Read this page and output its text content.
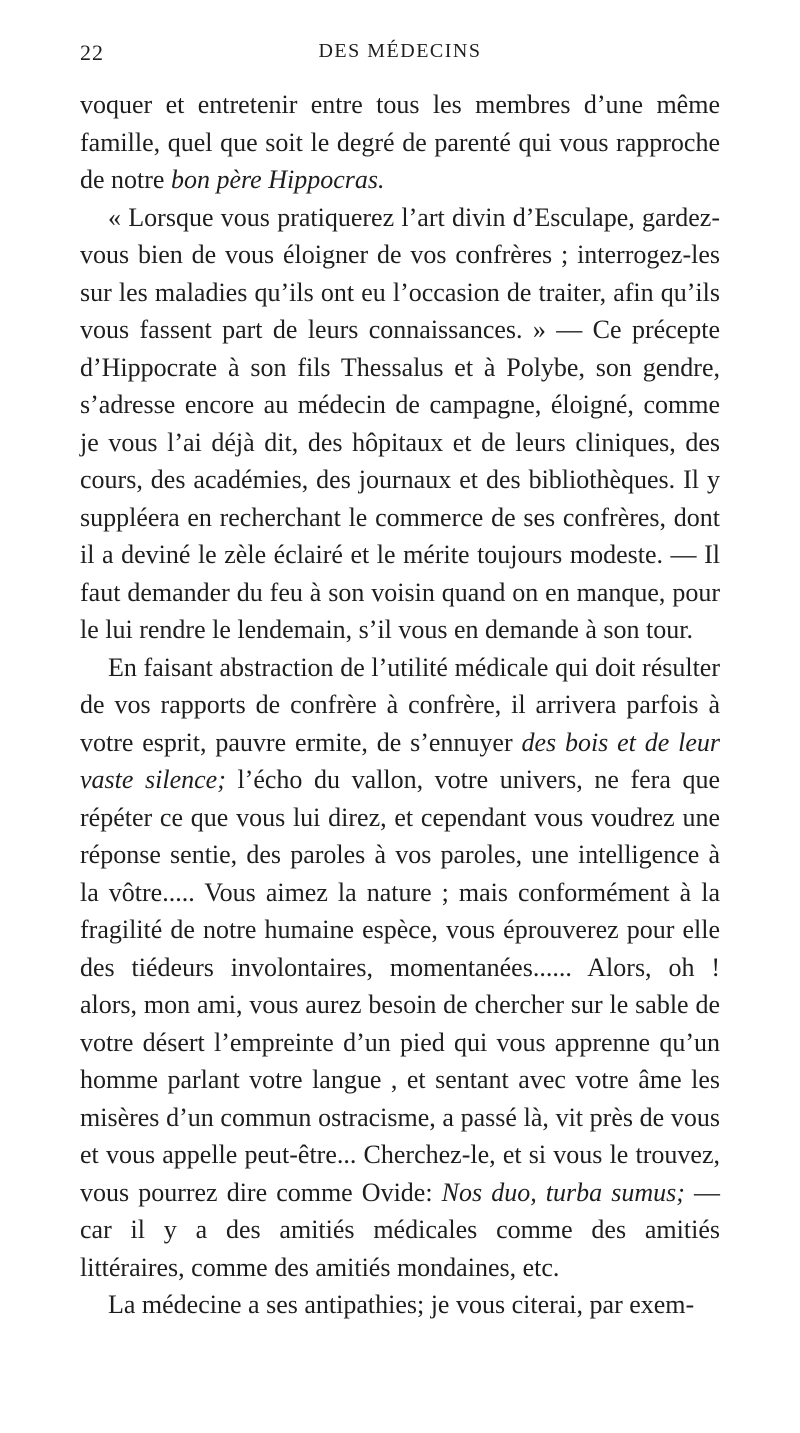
22	DES MÉDECINS

voquer et entretenir entre tous les membres d’une même famille, quel que soit le degré de parenté qui vous rapproche de notre bon père Hippocras.

« Lorsque vous pratiquerez l’art divin d’Esculape, gardez-vous bien de vous éloigner de vos confrères ; interrogez-les sur les maladies qu’ils ont eu l’occasion de traiter, afin qu’ils vous fassent part de leurs connaissances. » — Ce précepte d’Hippocrate à son fils Thessalus et à Polybe, son gendre, s’adresse encore au médecin de campagne, éloigné, comme je vous l’ai déjà dit, des hôpitaux et de leurs cliniques, des cours, des académies, des journaux et des bibliothèques. Il y suppléera en recherchant le commerce de ses confrères, dont il a deviné le zèle éclairé et le mérite toujours modeste. — Il faut demander du feu à son voisin quand on en manque, pour le lui rendre le lendemain, s’il vous en demande à son tour.

En faisant abstraction de l’utilité médicale qui doit résulter de vos rapports de confrère à confrère, il arrivera parfois à votre esprit, pauvre ermite, de s’ennuyer des bois et de leur vaste silence; l’écho du vallon, votre univers, ne fera que répéter ce que vous lui direz, et cependant vous voudrez une réponse sentie, des paroles à vos paroles, une intelligence à la vôtre..... Vous aimez la nature ; mais conformément à la fragilité de notre humaine espèce, vous éprouverez pour elle des tiédeurs involontaires, momentanées...... Alors, oh ! alors, mon ami, vous aurez besoin de chercher sur le sable de votre désert l’empreinte d’un pied qui vous apprenne qu’un homme parlant votre langue , et sentant avec votre âme les misères d’un commun ostracisme, a passé là, vit près de vous et vous appelle peut-être... Cherchez-le, et si vous le trouvez, vous pourrez dire comme Ovide: Nos duo, turba sumus; — car il y a des amitiés médicales comme des amitiés littéraires, comme des amitiés mondaines, etc.

La médecine a ses antipathies; je vous citerai, par exem-
